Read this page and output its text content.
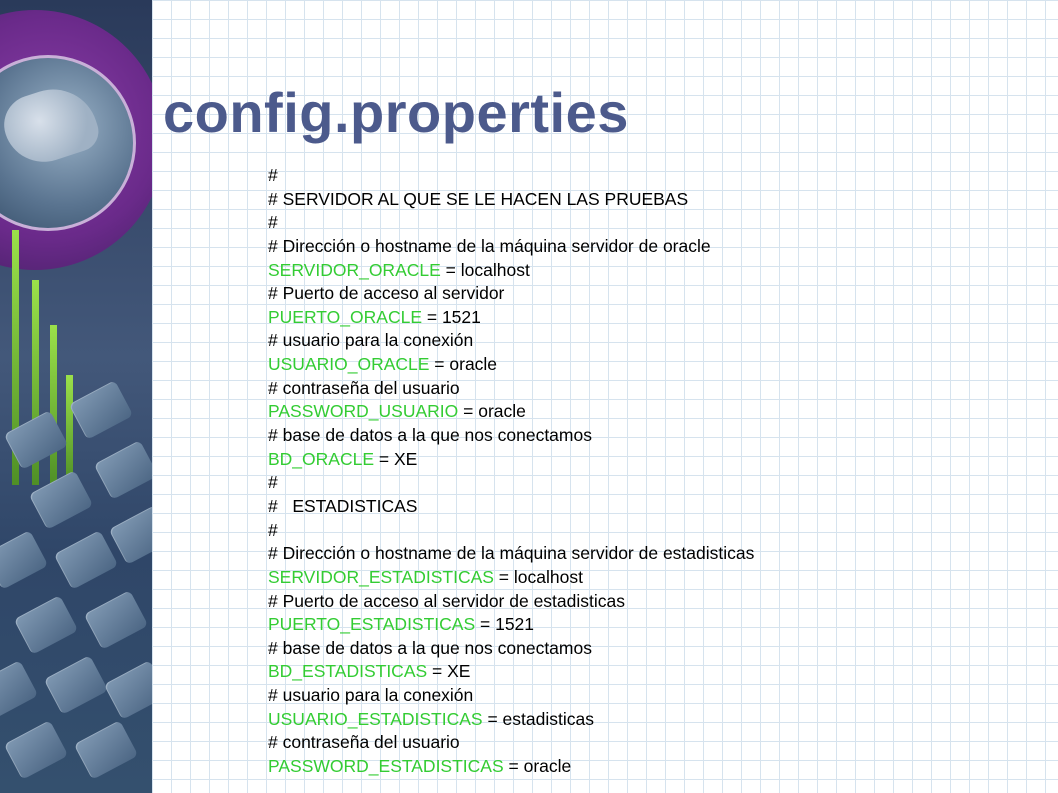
config.properties
#
# SERVIDOR AL QUE SE LE HACEN LAS PRUEBAS
#
# Dirección o hostname de la máquina servidor de oracle
SERVIDOR_ORACLE = localhost
# Puerto de acceso al servidor
PUERTO_ORACLE = 1521
# usuario para la conexión
USUARIO_ORACLE = oracle
# contraseña del usuario
PASSWORD_USUARIO = oracle
# base de datos a la que nos conectamos
BD_ORACLE = XE
#
#   ESTADISTICAS
#
# Dirección o hostname de la máquina servidor de estadisticas
SERVIDOR_ESTADISTICAS = localhost
# Puerto de acceso al servidor de estadisticas
PUERTO_ESTADISTICAS = 1521
# base de datos a la que nos conectamos
BD_ESTADISTICAS = XE
# usuario para la conexión
USUARIO_ESTADISTICAS = estadisticas
# contraseña del usuario
PASSWORD_ESTADISTICAS = oracle
